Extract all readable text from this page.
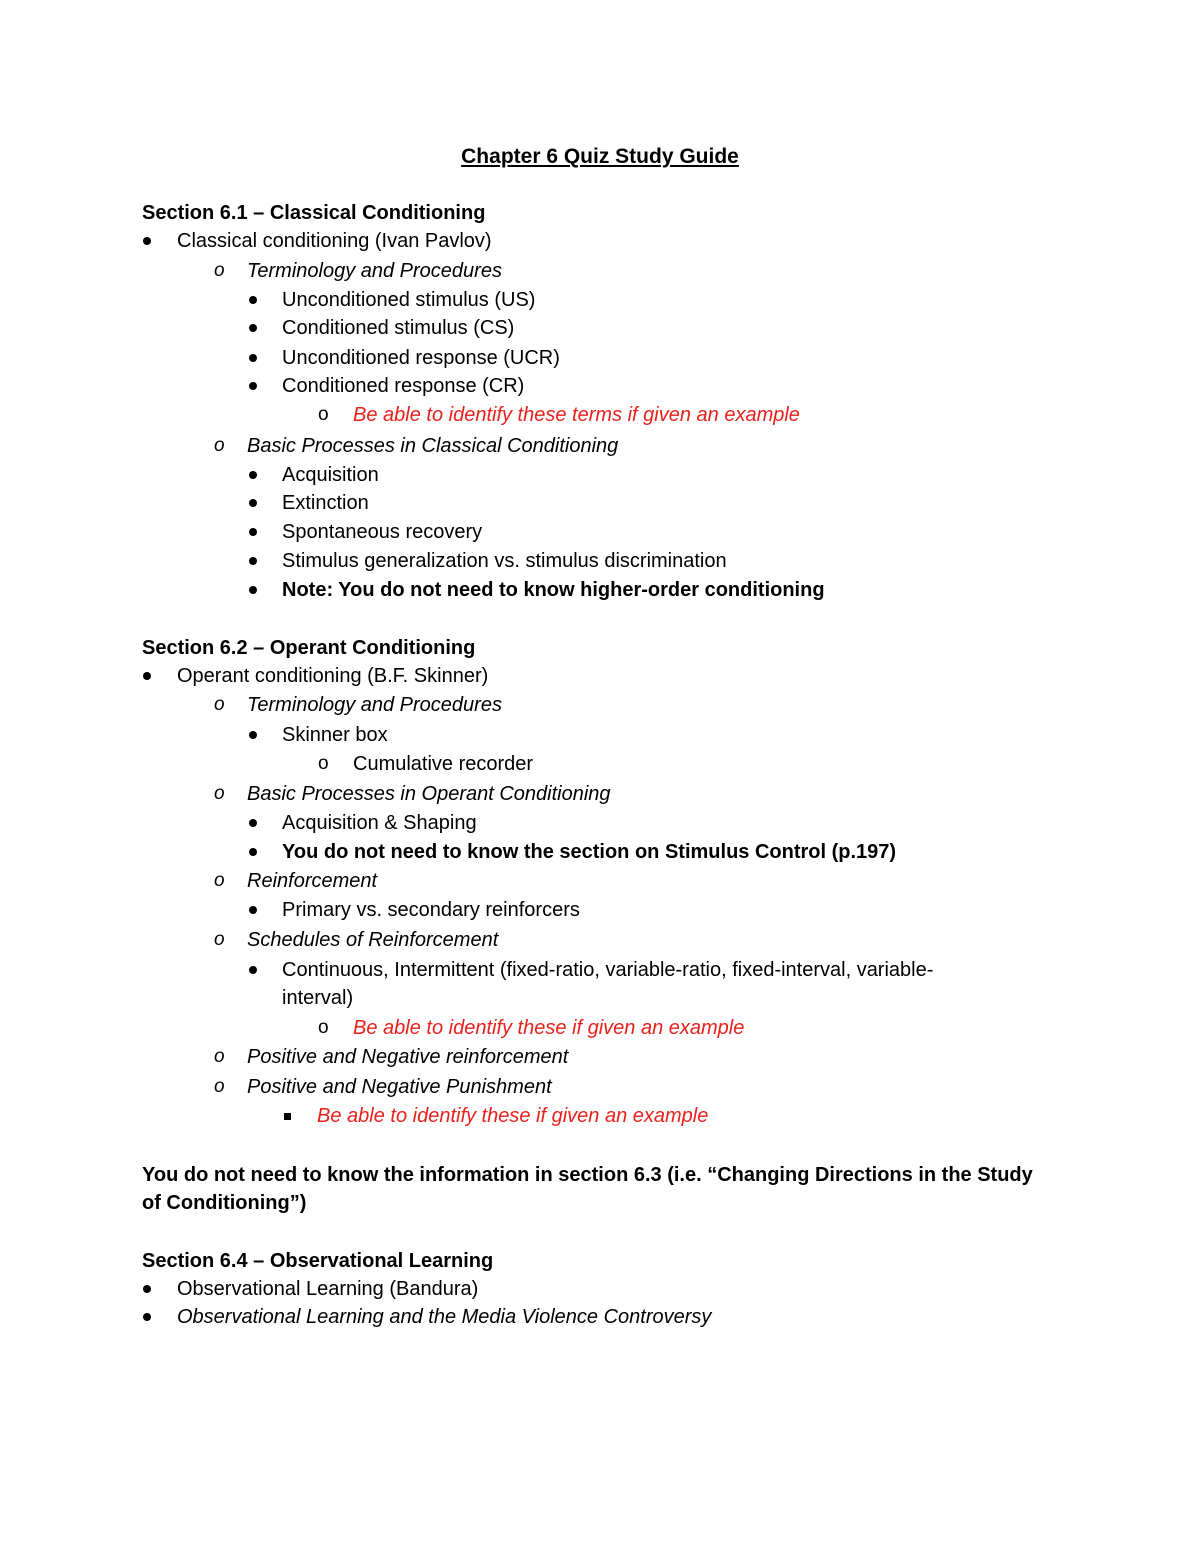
Chapter 6 Quiz Study Guide
Section 6.1 – Classical Conditioning
Classical conditioning (Ivan Pavlov)
o Terminology and Procedures
Unconditioned stimulus (US)
Conditioned stimulus (CS)
Unconditioned response (UCR)
Conditioned response (CR)
o Be able to identify these terms if given an example
o Basic Processes in Classical Conditioning
Acquisition
Extinction
Spontaneous recovery
Stimulus generalization vs. stimulus discrimination
Note: You do not need to know higher-order conditioning
Section 6.2 – Operant Conditioning
Operant conditioning (B.F. Skinner)
o Terminology and Procedures
Skinner box
o Cumulative recorder
o Basic Processes in Operant Conditioning
Acquisition & Shaping
You do not need to know the section on Stimulus Control (p.197)
o Reinforcement
Primary vs. secondary reinforcers
o Schedules of Reinforcement
Continuous, Intermittent (fixed-ratio, variable-ratio, fixed-interval, variable-
interval)
o Be able to identify these if given an example
o Positive and Negative reinforcement
o Positive and Negative Punishment
Be able to identify these if given an example
You do not need to know the information in section 6.3 (i.e. “Changing Directions in the Study
of Conditioning”)
Section 6.4 – Observational Learning
Observational Learning (Bandura)
Observational Learning and the Media Violence Controversy
